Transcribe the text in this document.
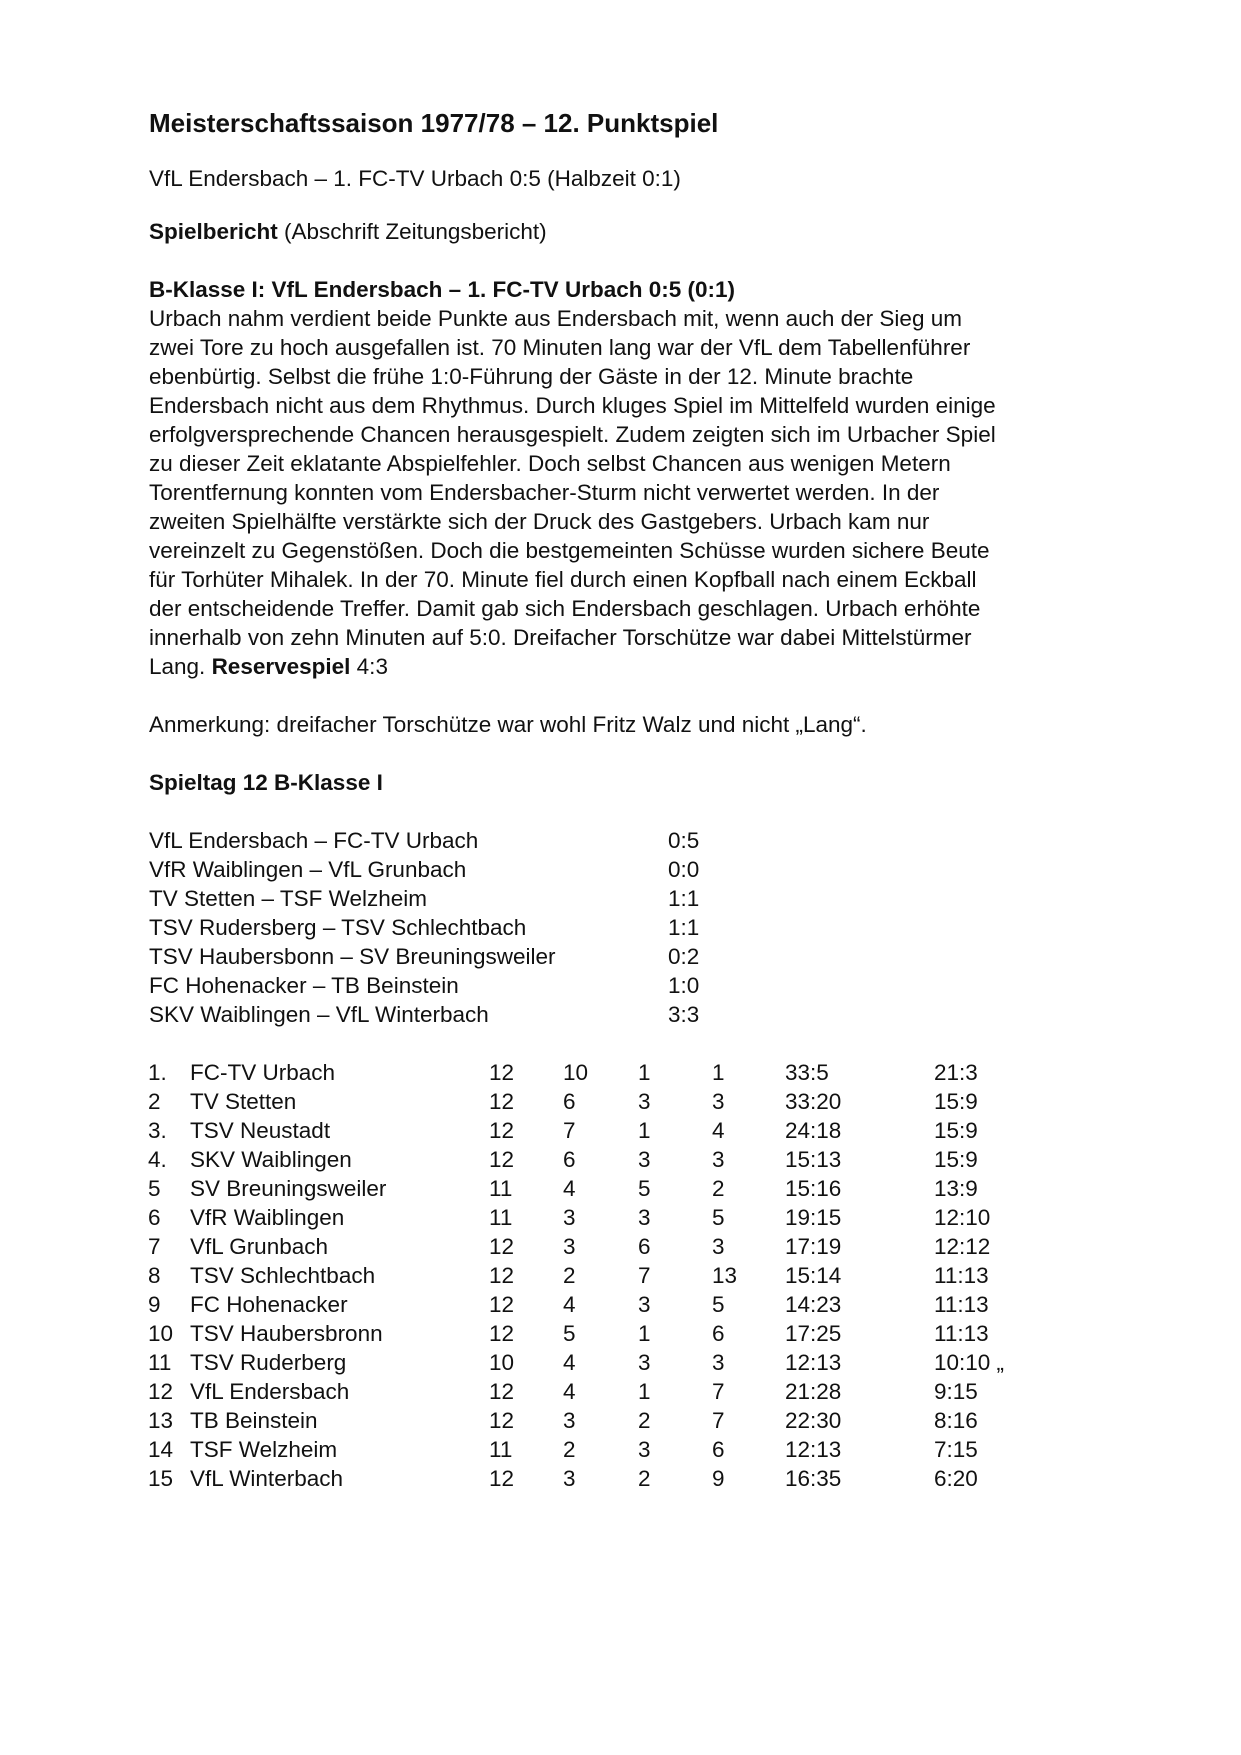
Meisterschaftssaison 1977/78 – 12. Punktspiel

VfL Endersbach – 1. FC-TV Urbach 0:5 (Halbzeit 0:1)

Spielbericht (Abschrift Zeitungsbericht)

B-Klasse I: VfL Endersbach – 1. FC-TV Urbach 0:5 (0:1)

Urbach nahm verdient beide Punkte aus Endersbach mit, wenn auch der Sieg um
zwei Tore zu hoch ausgefallen ist. 70 Minuten lang war der VfL dem Tabellenführer
ebenbürtig. Selbst die frühe 1:0-Führung der Gäste in der 12. Minute brachte
Endersbach nicht aus dem Rhythmus. Durch kluges Spiel im Mittelfeld wurden einige
erfolgversprechende Chancen herausgespielt. Zudem zeigten sich im Urbacher Spiel
zu dieser Zeit eklatante Abspielfehler. Doch selbst Chancen aus wenigen Metern
Torentfernung konnten vom Endersbacher-Sturm nicht verwertet werden. In der
zweiten Spielhälfte verstärkte sich der Druck des Gastgebers. Urbach kam nur
vereinzelt zu Gegenstößen. Doch die bestgemeinten Schüsse wurden sichere Beute
für Torhüter Mihalek. In der 70. Minute fiel durch einen Kopfball nach einem Eckball
der entscheidende Treffer. Damit gab sich Endersbach geschlagen. Urbach erhöhte
innerhalb von zehn Minuten auf 5:0. Dreifacher Torschütze war dabei Mittelstürmer
Lang. Reservespiel 4:3

Anmerkung: dreifacher Torschütze war wohl Fritz Walz und nicht „Lang“.

Spieltag 12 B-Klasse I

VfL Endersbach – FC-TV Urbach	0:5
VfR Waiblingen – VfL Grunbach	0:0
TV Stetten – TSF Welzheim	1:1
TSV Rudersberg – TSV Schlechtbach	1:1
TSV Haubersbonn – SV Breuningsweiler	0:2
FC Hohenacker – TB Beinstein	1:0
SKV Waiblingen – VfL Winterbach	3:3
1.	FC-TV Urbach	12	10	1	1	33:5	21:3
2	TV Stetten	12	6	3	3	33:20	15:9
3.	TSV Neustadt	12	7	1	4	24:18	15:9
4.	SKV Waiblingen	12	6	3	3	15:13	15:9
5	SV Breuningsweiler	11	4	5	2	15:16	13:9
6	VfR Waiblingen	11	3	3	5	19:15	12:10
7	VfL Grunbach	12	3	6	3	17:19	12:12
8	TSV Schlechtbach	12	2	7	13	15:14	11:13
9	FC Hohenacker	12	4	3	5	14:23	11:13
10	TSV Haubersbronn	12	5	1	6	17:25	11:13
11	TSV Ruderberg	10	4	3	3	12:13	10:10 „
12	VfL Endersbach	12	4	1	7	21:28	9:15
13	TB Beinstein	12	3	2	7	22:30	8:16
14	TSF Welzheim	11	2	3	6	12:13	7:15
15	VfL Winterbach	12	3	2	9	16:35	6:20
